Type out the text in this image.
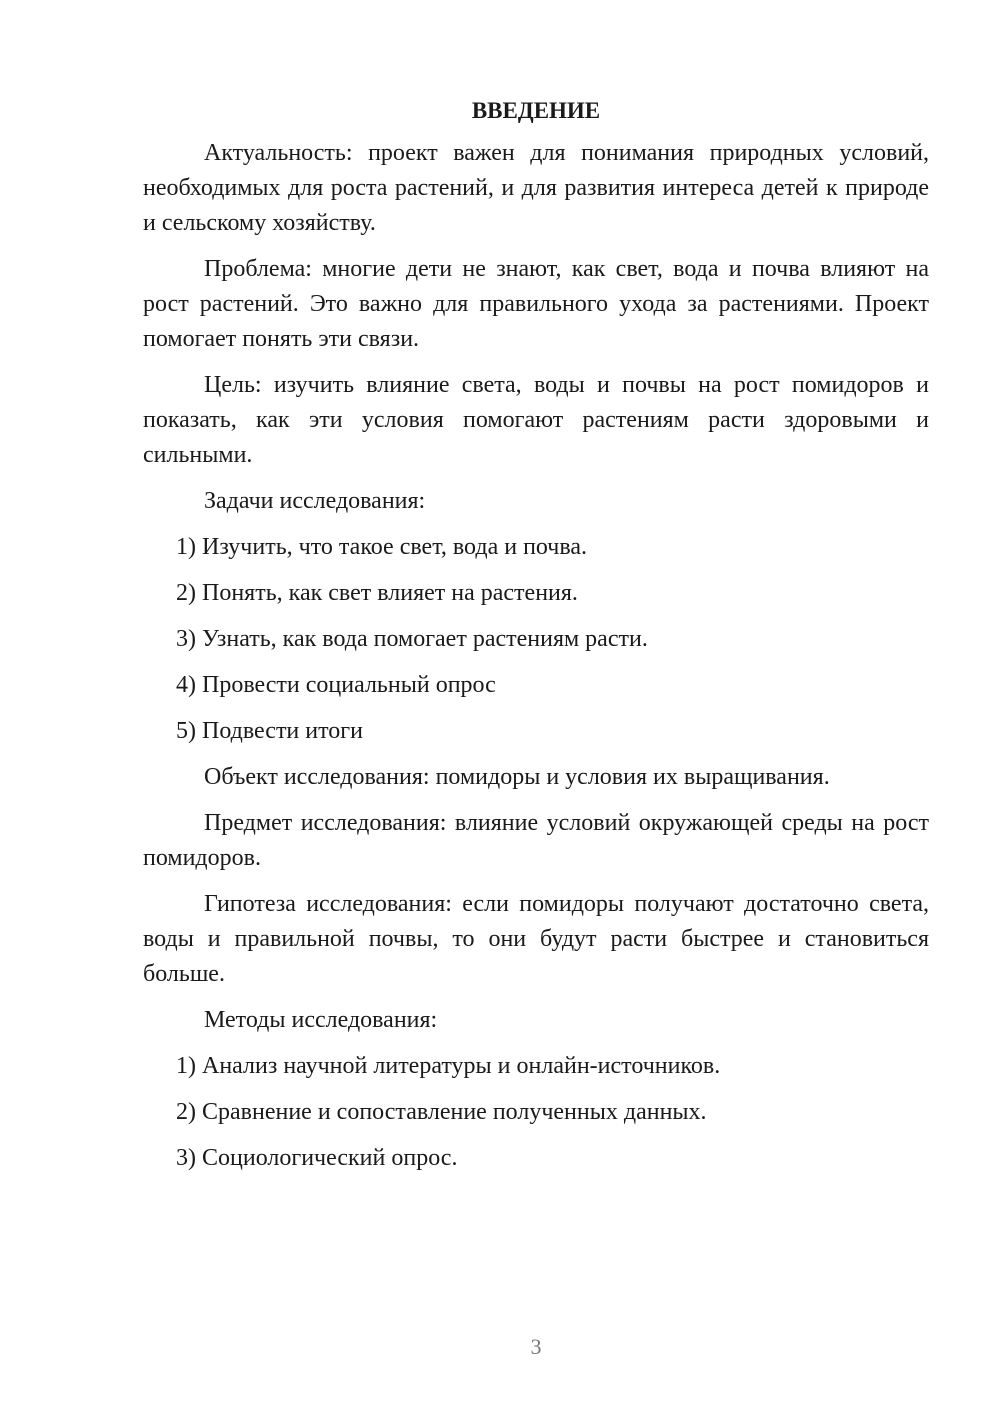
ВВЕДЕНИЕ

Актуальность: проект важен для понимания природных условий, необходимых для роста растений, и для развития интереса детей к природе и сельскому хозяйству.

Проблема: многие дети не знают, как свет, вода и почва влияют на рост растений. Это важно для правильного ухода за растениями. Проект помогает понять эти связи.

Цель: изучить влияние света, воды и почвы на рост помидоров и показать, как эти условия помогают растениям расти здоровыми и сильными.

Задачи исследования:

1) Изучить, что такое свет, вода и почва.

2) Понять, как свет влияет на растения.

3) Узнать, как вода помогает растениям расти.

4) Провести социальный опрос

5) Подвести итоги

Объект исследования: помидоры и условия их выращивания.

Предмет исследования: влияние условий окружающей среды на рост помидоров.

Гипотеза исследования: если помидоры получают достаточно света, воды и правильной почвы, то они будут расти быстрее и становиться больше.

Методы исследования:

1) Анализ научной литературы и онлайн-источников.

2) Сравнение и сопоставление полученных данных.

3) Социологический опрос.

3
